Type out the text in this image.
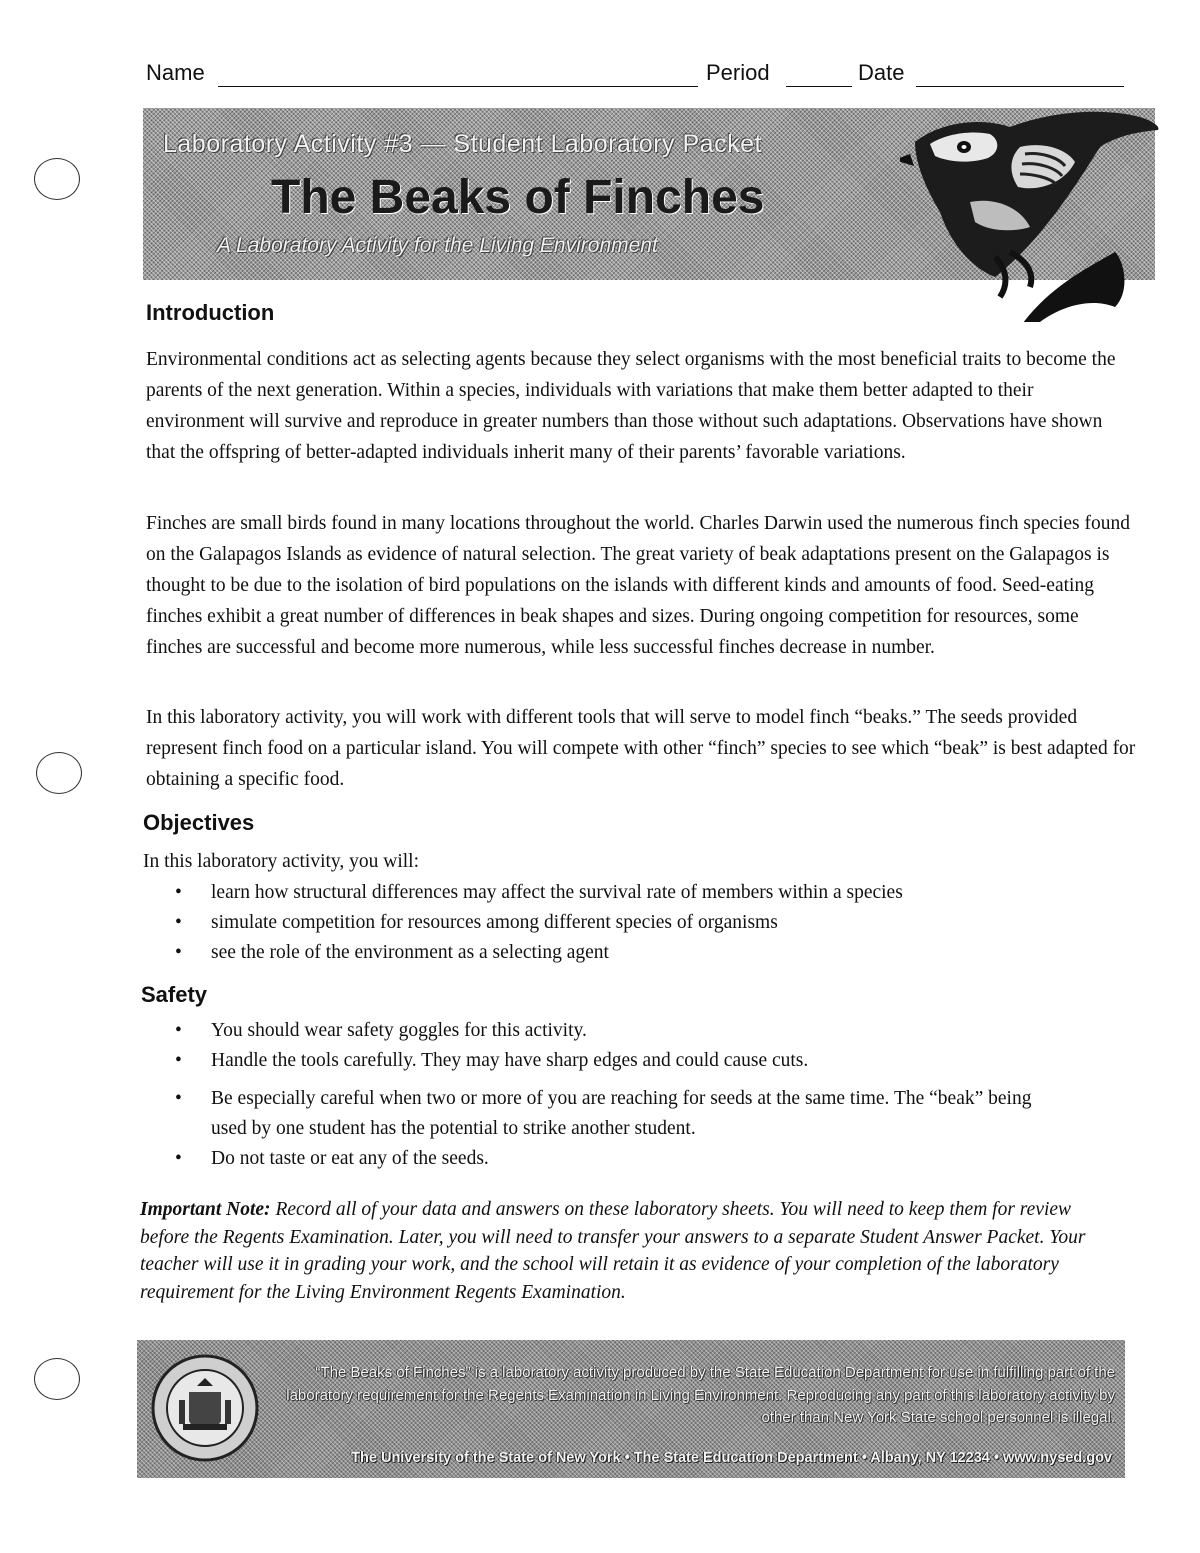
Name	Period	Date
Laboratory Activity #3 — Student Laboratory Packet
The Beaks of Finches
A Laboratory Activity for the Living Environment
Introduction

Environmental conditions act as selecting agents because they select organisms with the most beneficial traits to become the parents of the next generation. Within a species, individuals with variations that make them better adapted to their environment will survive and reproduce in greater numbers than those without such adaptations. Observations have shown that the offspring of better-adapted individuals inherit many of their parents’ favorable variations.

Finches are small birds found in many locations throughout the world. Charles Darwin used the numerous finch species found on the Galapagos Islands as evidence of natural selection. The great variety of beak adaptations present on the Galapagos is thought to be due to the isolation of bird populations on the islands with different kinds and amounts of food. Seed-eating finches exhibit a great number of differences in beak shapes and sizes. During ongoing competition for resources, some finches are successful and become more numerous, while less successful finches decrease in number.

In this laboratory activity, you will work with different tools that will serve to model finch “beaks.” The seeds provided represent finch food on a particular island. You will compete with other “finch” species to see which “beak” is best adapted for obtaining a specific food.

Objectives

In this laboratory activity, you will:

• learn how structural differences may affect the survival rate of members within a species
• simulate competition for resources among different species of organisms
• see the role of the environment as a selecting agent
Safety
• You should wear safety goggles for this activity.
• Handle the tools carefully. They may have sharp edges and could cause cuts.
• Be especially careful when two or more of you are reaching for seeds at the same time. The “beak” being used by one student has the potential to strike another student.
• Do not taste or eat any of the seeds.

Important Note: Record all of your data and answers on these laboratory sheets. You will need to keep them for review before the Regents Examination. Later, you will need to transfer your answers to a separate Student Answer Packet. Your teacher will use it in grading your work, and the school will retain it as evidence of your completion of the laboratory requirement for the Living Environment Regents Examination.

“The Beaks of Finches” is a laboratory activity produced by the State Education Department for use in fulfilling part of the laboratory requirement for the Regents Examination in Living Environment. Reproducing any part of this laboratory activity by other than New York State school personnel is illegal.
The University of the State of New York • The State Education Department • Albany, NY 12234 • www.nysed.gov
